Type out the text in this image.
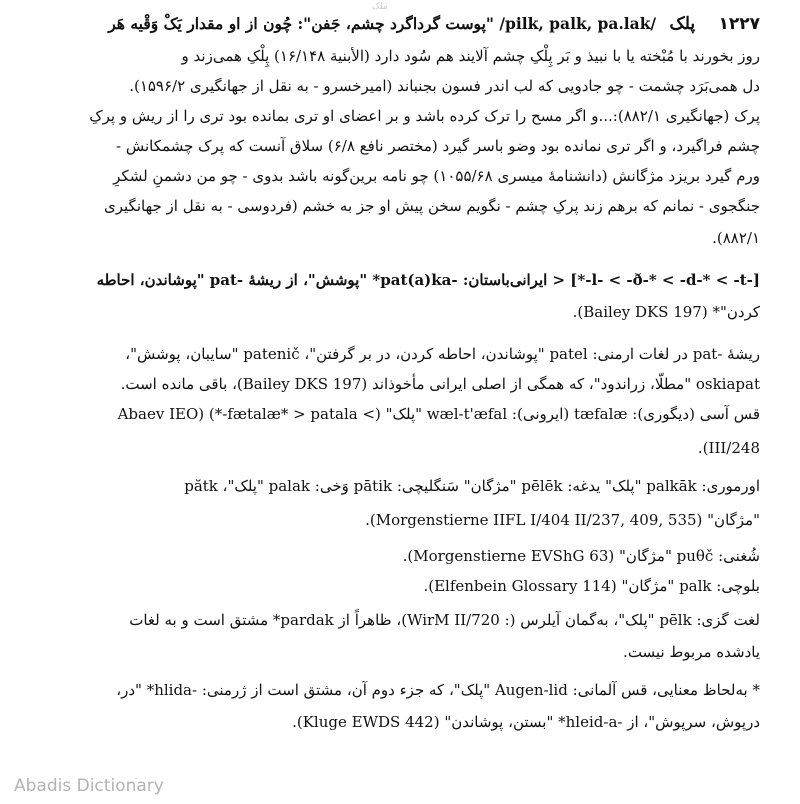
ملک
۱۲۲۷ پلک /pilk, palk, pa.lak/ "پوست گرداگرد چشم، جَفن": چُون از او مقدار یَکْ وَقْیه هَر
روز بخورند با مُبْخته یا با نبیذ و بَر پِلْکِ چشم آلایند هم سُود دارد (الأبنیة ۱۶/۱۴۸) پِلْکِ همی‌زند و
دل همی‌بَرَد چشمت - چو جادویی که لب اندر فسون بجنباند (امیرخسرو - به نقل از جهانگیری ۱۵۹۶/۲).
پرک (جهانگیری ۸۸۲/۱):...و اگر مسح را ترک کرده باشد و بر اعضای او تری بمانده بود تری را از ریش و پرکِ
چشم فراگیرد، و اگر تری نمانده بود وضو باسر گیرد (مختصر نافع ۶/۸) سلاق آنست که پرک چشمکانش -
ورم گیرد بریزد مژگانش (دانشنامهٔ میسری ۱۰۵۵/۶۸) چو نامه برین‌گونه باشد بدوی - چو من دشمنِ لشکرِ
جنگجوی - نمانم که برهم زند پرکِ چشم - نگویم سخن پیش او جز به خشم (فردوسی - به نقل از جهانگیری
۸۸۲/۱).
[-l- < -ð-* < -d-* < -t-*] < ایرانی‌باستان: -pat(a)ka* "پوشش"، از ریشهٔ -pat "پوشاندن، احاطه
کردن"* (Bailey DKS 197).
ریشهٔ -pat در لغات ارمنی: patel "پوشاندن، احاطه کردن، در بر گرفتن"، patenič "سایبان، پوشش"،
oskiapat "مطلّا، زراندود"، که همگی از اصلی ایرانی مأخوذاند (Bailey DKS 197)، باقی مانده است.
قس آسی (دیگوری): tæfalæ (ایرونی): wæl-t'æfal "پلک" (> fætalæ* > patala-*) (Abaev IEO
III/248).
اورموری: palkāk "پلک" یدغه: pēlēk "مژگان" سَنگلیچی: pātik وَخی: palak "پلک"، pătk
"مژگان" (Morgenstierne IIFL I/404 II/237, 409, 535).
شُغنی: puθč "مژگان" (Morgenstierne EVShG 63).
بلوچی: palk "مژگان" (Elfenbein Glossary 114).
لغت گزی: pēlk "پلک"، به‌گمان آیلرس (: WirM II/720)، ظاهراً از pardak* مشتق است و به لغات
یادشده مربوط نیست.
* به‌لحاظ معنایی، قس آلمانی: Augen-lid "پلک"، که جزء دوم آن، مشتق است از ژرمنی: -hlida* "در،
درپوش، سرپوش"، از -hleid-a* "بستن، پوشاندن" (Kluge EWDS 442).
Abadis Dictionary
